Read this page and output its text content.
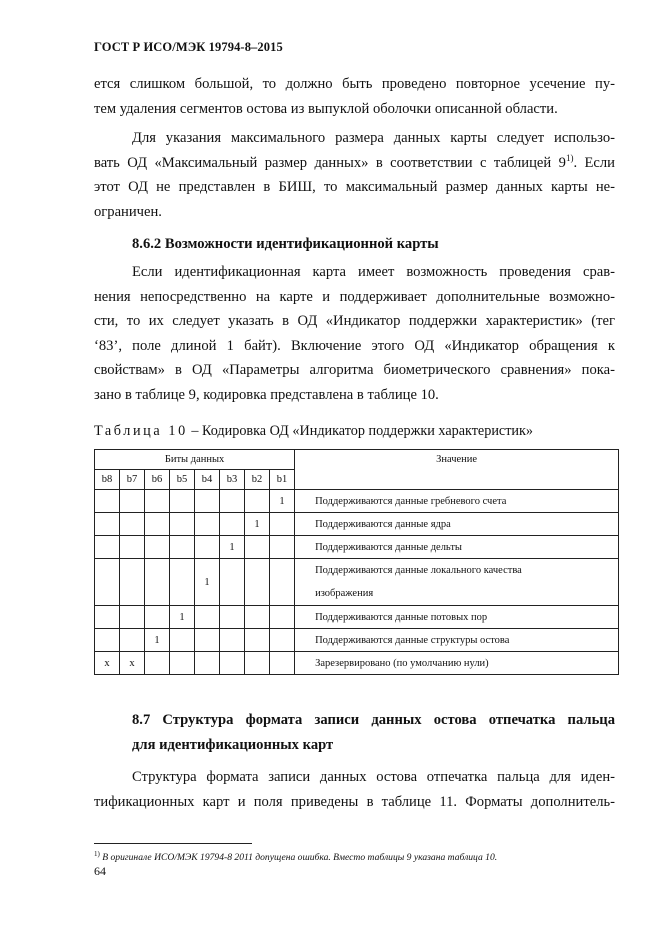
ГОСТ Р ИСО/МЭК 19794-8–2015
ется слишком большой, то должно быть проведено повторное усечение пу-
тем удаления сегментов остова из выпуклой оболочки описанной области.
Для указания максимального размера данных карты следует использо-
вать ОД «Максимальный размер данных» в соответствии с таблицей 9$^{1)}$. Если
этот ОД не представлен в БИШ, то максимальный размер данных карты не-
ограничен.
8.6.2 Возможности идентификационной карты
Если идентификационная карта имеет возможность проведения срав-
нения непосредственно на карте и поддерживает дополнительные возможно-
сти, то их следует указать в ОД «Индикатор поддержки характеристик» (тег
‘83’, поле длиной 1 байт). Включение этого ОД «Индикатор обращения к
свойствам» в ОД «Параметры алгоритма биометрического сравнения» пока-
зано в таблице 9, кодировка представлена в таблице 10.
Таблица 10 – Кодировка ОД «Индикатор поддержки характеристик»
Биты данных								Значение
b8	b7	b6	b5	b4	b3	b2	b1	
							1	Поддерживаются данные гребневого счета
						1		Поддерживаются данные ядра
					1			Поддерживаются данные дельты
				1				Поддерживаются данные локального качества
изображения
			1					Поддерживаются данные потовых пор
		1						Поддерживаются данные структуры остова
x	x							Зарезервировано (по умолчанию нули)
8.7 Структура формата записи данных остова отпечатка пальца
для идентификационных карт
Структура формата записи данных остова отпечатка пальца для иден-
тификационных карт и поля приведены в таблице 11. Форматы дополнитель-
$^{1)}$ В оригинале ИСО/МЭК 19794-8 2011 допущена ошибка. Вместо таблицы 9 указана таблица 10.
64
